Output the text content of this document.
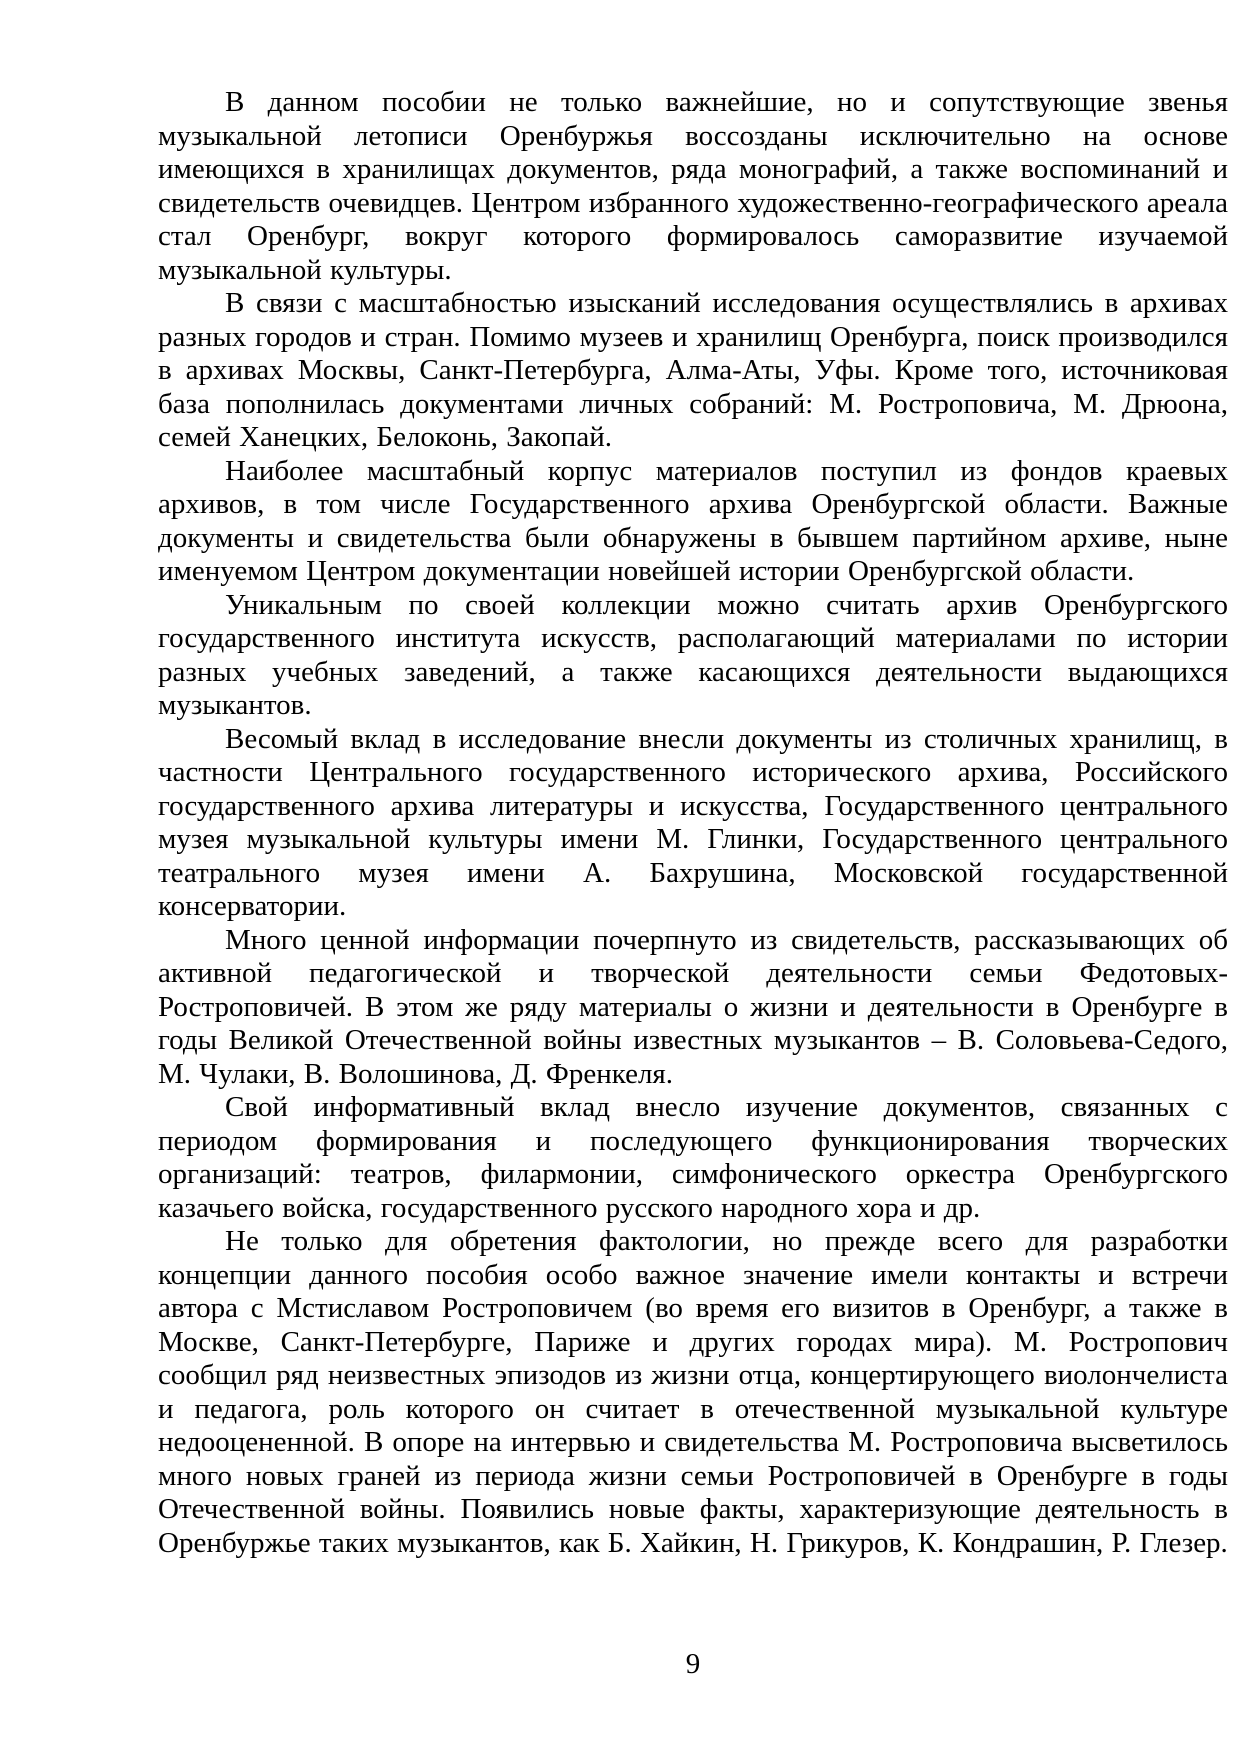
В данном пособии не только важнейшие, но и сопутствующие звенья музыкальной летописи Оренбуржья воссозданы исключительно на основе имеющихся в хранилищах документов, ряда монографий, а также воспоминаний и свидетельств очевидцев. Центром избранного художественно-географического ареала стал Оренбург, вокруг которого формировалось саморазвитие изучаемой музыкальной культуры.

В связи с масштабностью изысканий исследования осуществлялись в архивах разных городов и стран. Помимо музеев и хранилищ Оренбурга, поиск производился в архивах Москвы, Санкт-Петербурга, Алма-Аты, Уфы. Кроме того, источниковая база пополнилась документами личных собраний: М. Ростроповича, М. Дрюона, семей Ханецких, Белоконь, Закопай.

Наиболее масштабный корпус материалов поступил из фондов краевых архивов, в том числе Государственного архива Оренбургской области. Важные документы и свидетельства были обнаружены в бывшем партийном архиве, ныне именуемом Центром документации новейшей истории Оренбургской области.

Уникальным по своей коллекции можно считать архив Оренбургского государственного института искусств, располагающий материалами по истории разных учебных заведений, а также касающихся деятельности выдающихся музыкантов.

Весомый вклад в исследование внесли документы из столичных хранилищ, в частности Центрального государственного исторического архива, Российского государственного архива литературы и искусства, Государственного центрального музея музыкальной культуры имени М. Глинки, Государственного центрального театрального музея имени А. Бахрушина, Московской государственной консерватории.

Много ценной информации почерпнуто из свидетельств, рассказывающих об активной педагогической и творческой деятельности семьи Федотовых-Ростроповичей. В этом же ряду материалы о жизни и деятельности в Оренбурге в годы Великой Отечественной войны известных музыкантов – В. Соловьева-Седого, М. Чулаки, В. Волошинова, Д. Френкеля.

Свой информативный вклад внесло изучение документов, связанных с периодом формирования и последующего функционирования творческих организаций: театров, филармонии, симфонического оркестра Оренбургского казачьего войска, государственного русского народного хора и др.

Не только для обретения фактологии, но прежде всего для разработки концепции данного пособия особо важное значение имели контакты и встречи автора с Мстиславом Ростроповичем (во время его визитов в Оренбург, а также в Москве, Санкт-Петербурге, Париже и других городах мира). М. Ростропович сообщил ряд неизвестных эпизодов из жизни отца, концертирующего виолончелиста и педагога, роль которого он считает в отечественной музыкальной культуре недооцененной. В опоре на интервью и свидетельства М. Ростроповича высветилось много новых граней из периода жизни семьи Ростроповичей в Оренбурге в годы Отечественной войны. Появились новые факты, характеризующие деятельность в Оренбуржье таких музыкантов, как Б. Хайкин, Н. Грикуров, К. Кондрашин, Р. Глезер.

9
